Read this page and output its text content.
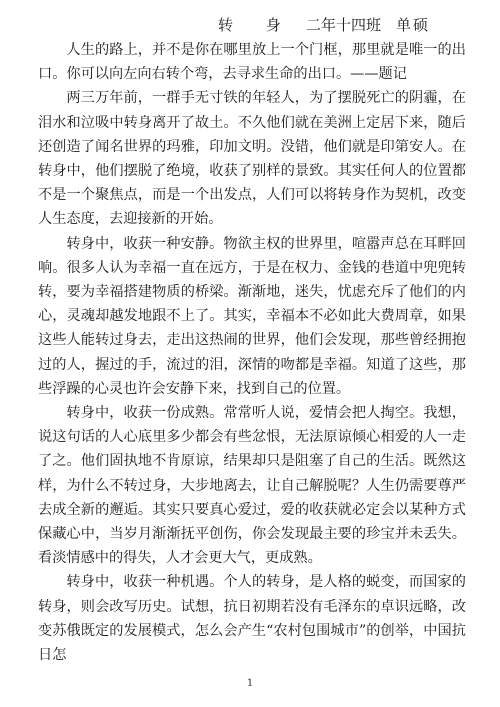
转 身 二年十四班 单硕

人生的路上，并不是你在哪里放上一个门框，那里就是唯一的出口。你可以向左向右转个弯，去寻求生命的出口。——题记

两三万年前，一群手无寸铁的年轻人，为了摆脱死亡的阴霾，在泪水和泣吸中转身离开了故土。不久他们就在美洲上定居下来，随后还创造了闻名世界的玛雅，印加文明。没错，他们就是印第安人。在转身中，他们摆脱了绝境，收获了别样的景致。其实任何人的位置都不是一个聚焦点，而是一个出发点，人们可以将转身作为契机，改变人生态度，去迎接新的开始。

转身中，收获一种安静。物欲主权的世界里，喧嚣声总在耳畔回响。很多人认为幸福一直在远方，于是在权力、金钱的巷道中兜兜转转，要为幸福搭建物质的桥梁。渐渐地，迷失，忧虑充斥了他们的内心，灵魂却越发地跟不上了。其实，幸福本不必如此大费周章，如果这些人能转过身去，走出这热闹的世界，他们会发现，那些曾经拥抱过的人，握过的手，流过的泪，深情的吻都是幸福。知道了这些，那些浮躁的心灵也许会安静下来，找到自己的位置。

转身中，收获一份成熟。常常听人说，爱情会把人掏空。我想，说这句话的人心底里多少都会有些忿恨，无法原谅倾心相爱的人一走了之。他们固执地不肯原谅，结果却只是阻塞了自己的生活。既然这样，为什么不转过身，大步地离去，让自己解脱呢？人生仍需要尊严去成全新的邂逅。其实只要真心爱过，爱的收获就必定会以某种方式保藏心中，当岁月渐渐抚平创伤，你会发现最主要的珍宝并未丢失。看淡情感中的得失，人才会更大气，更成熟。

转身中，收获一种机遇。个人的转身，是人格的蜕变，而国家的转身，则会改写历史。试想，抗日初期若没有毛泽东的卓识远略，改变苏俄既定的发展模式，怎么会产生“农村包围城市”的创举，中国抗日怎

1
